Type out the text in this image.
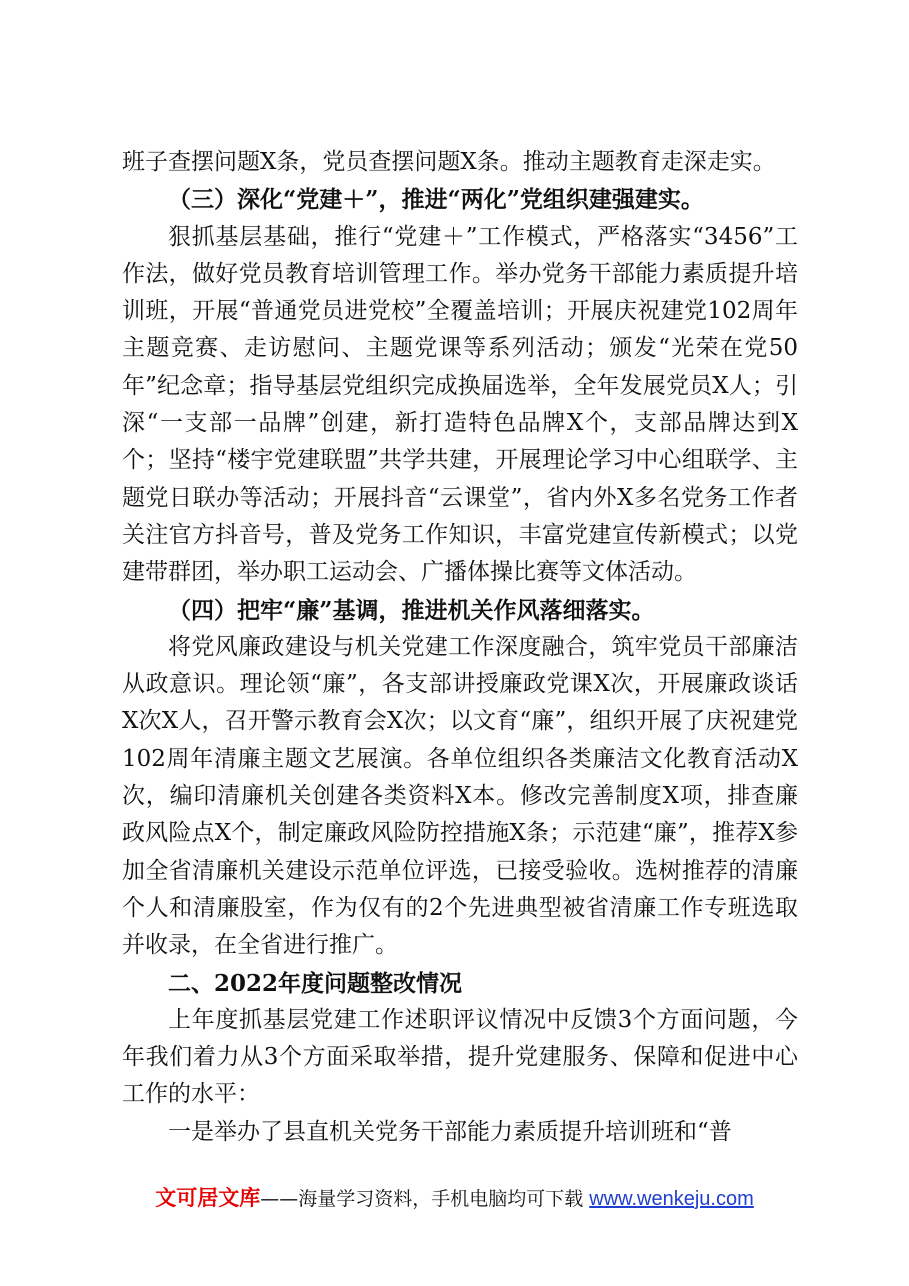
班子查摆问题X条，党员查摆问题X条。推动主题教育走深走实。

（三）深化“党建＋”，推进“两化”党组织建强建实。

狠抓基层基础，推行“党建＋”工作模式，严格落实“3456”工作法，做好党员教育培训管理工作。举办党务干部能力素质提升培训班，开展“普通党员进党校”全覆盖培训；开展庆祝建党102周年主题竞赛、走访慰问、主题党课等系列活动；颁发“光荣在党50年”纪念章；指导基层党组织完成换届选举，全年发展党员X人；引深“一支部一品牌”创建，新打造特色品牌X个，支部品牌达到X个；坚持“楼宇党建联盟”共学共建，开展理论学习中心组联学、主题党日联办等活动；开展抖音“云课堂”，省内外X多名党务工作者关注官方抖音号，普及党务工作知识，丰富党建宣传新模式；以党建带群团，举办职工运动会、广播体操比赛等文体活动。

（四）把牢“廉”基调，推进机关作风落细落实。

将党风廉政建设与机关党建工作深度融合，筑牢党员干部廉洁从政意识。理论领“廉”，各支部讲授廉政党课X次，开展廉政谈话X次X人，召开警示教育会X次；以文育“廉”，组织开展了庆祝建党102周年清廉主题文艺展演。各单位组织各类廉洁文化教育活动X次，编印清廉机关创建各类资料X本。修改完善制度X项，排查廉政风险点X个，制定廉政风险防控措施X条；示范建“廉”，推荐X参加全省清廉机关建设示范单位评选，已接受验收。选树推荐的清廉个人和清廉股室，作为仅有的2个先进典型被省清廉工作专班选取并收录，在全省进行推广。

二、2022年度问题整改情况

上年度抓基层党建工作述职评议情况中反馈3个方面问题，今年我们着力从3个方面采取举措，提升党建服务、保障和促进中心工作的水平：

一是举办了县直机关党务干部能力素质提升培训班和“普

文可居文库——海量学习资料，手机电脑均可下载 www.wenkeju.com
